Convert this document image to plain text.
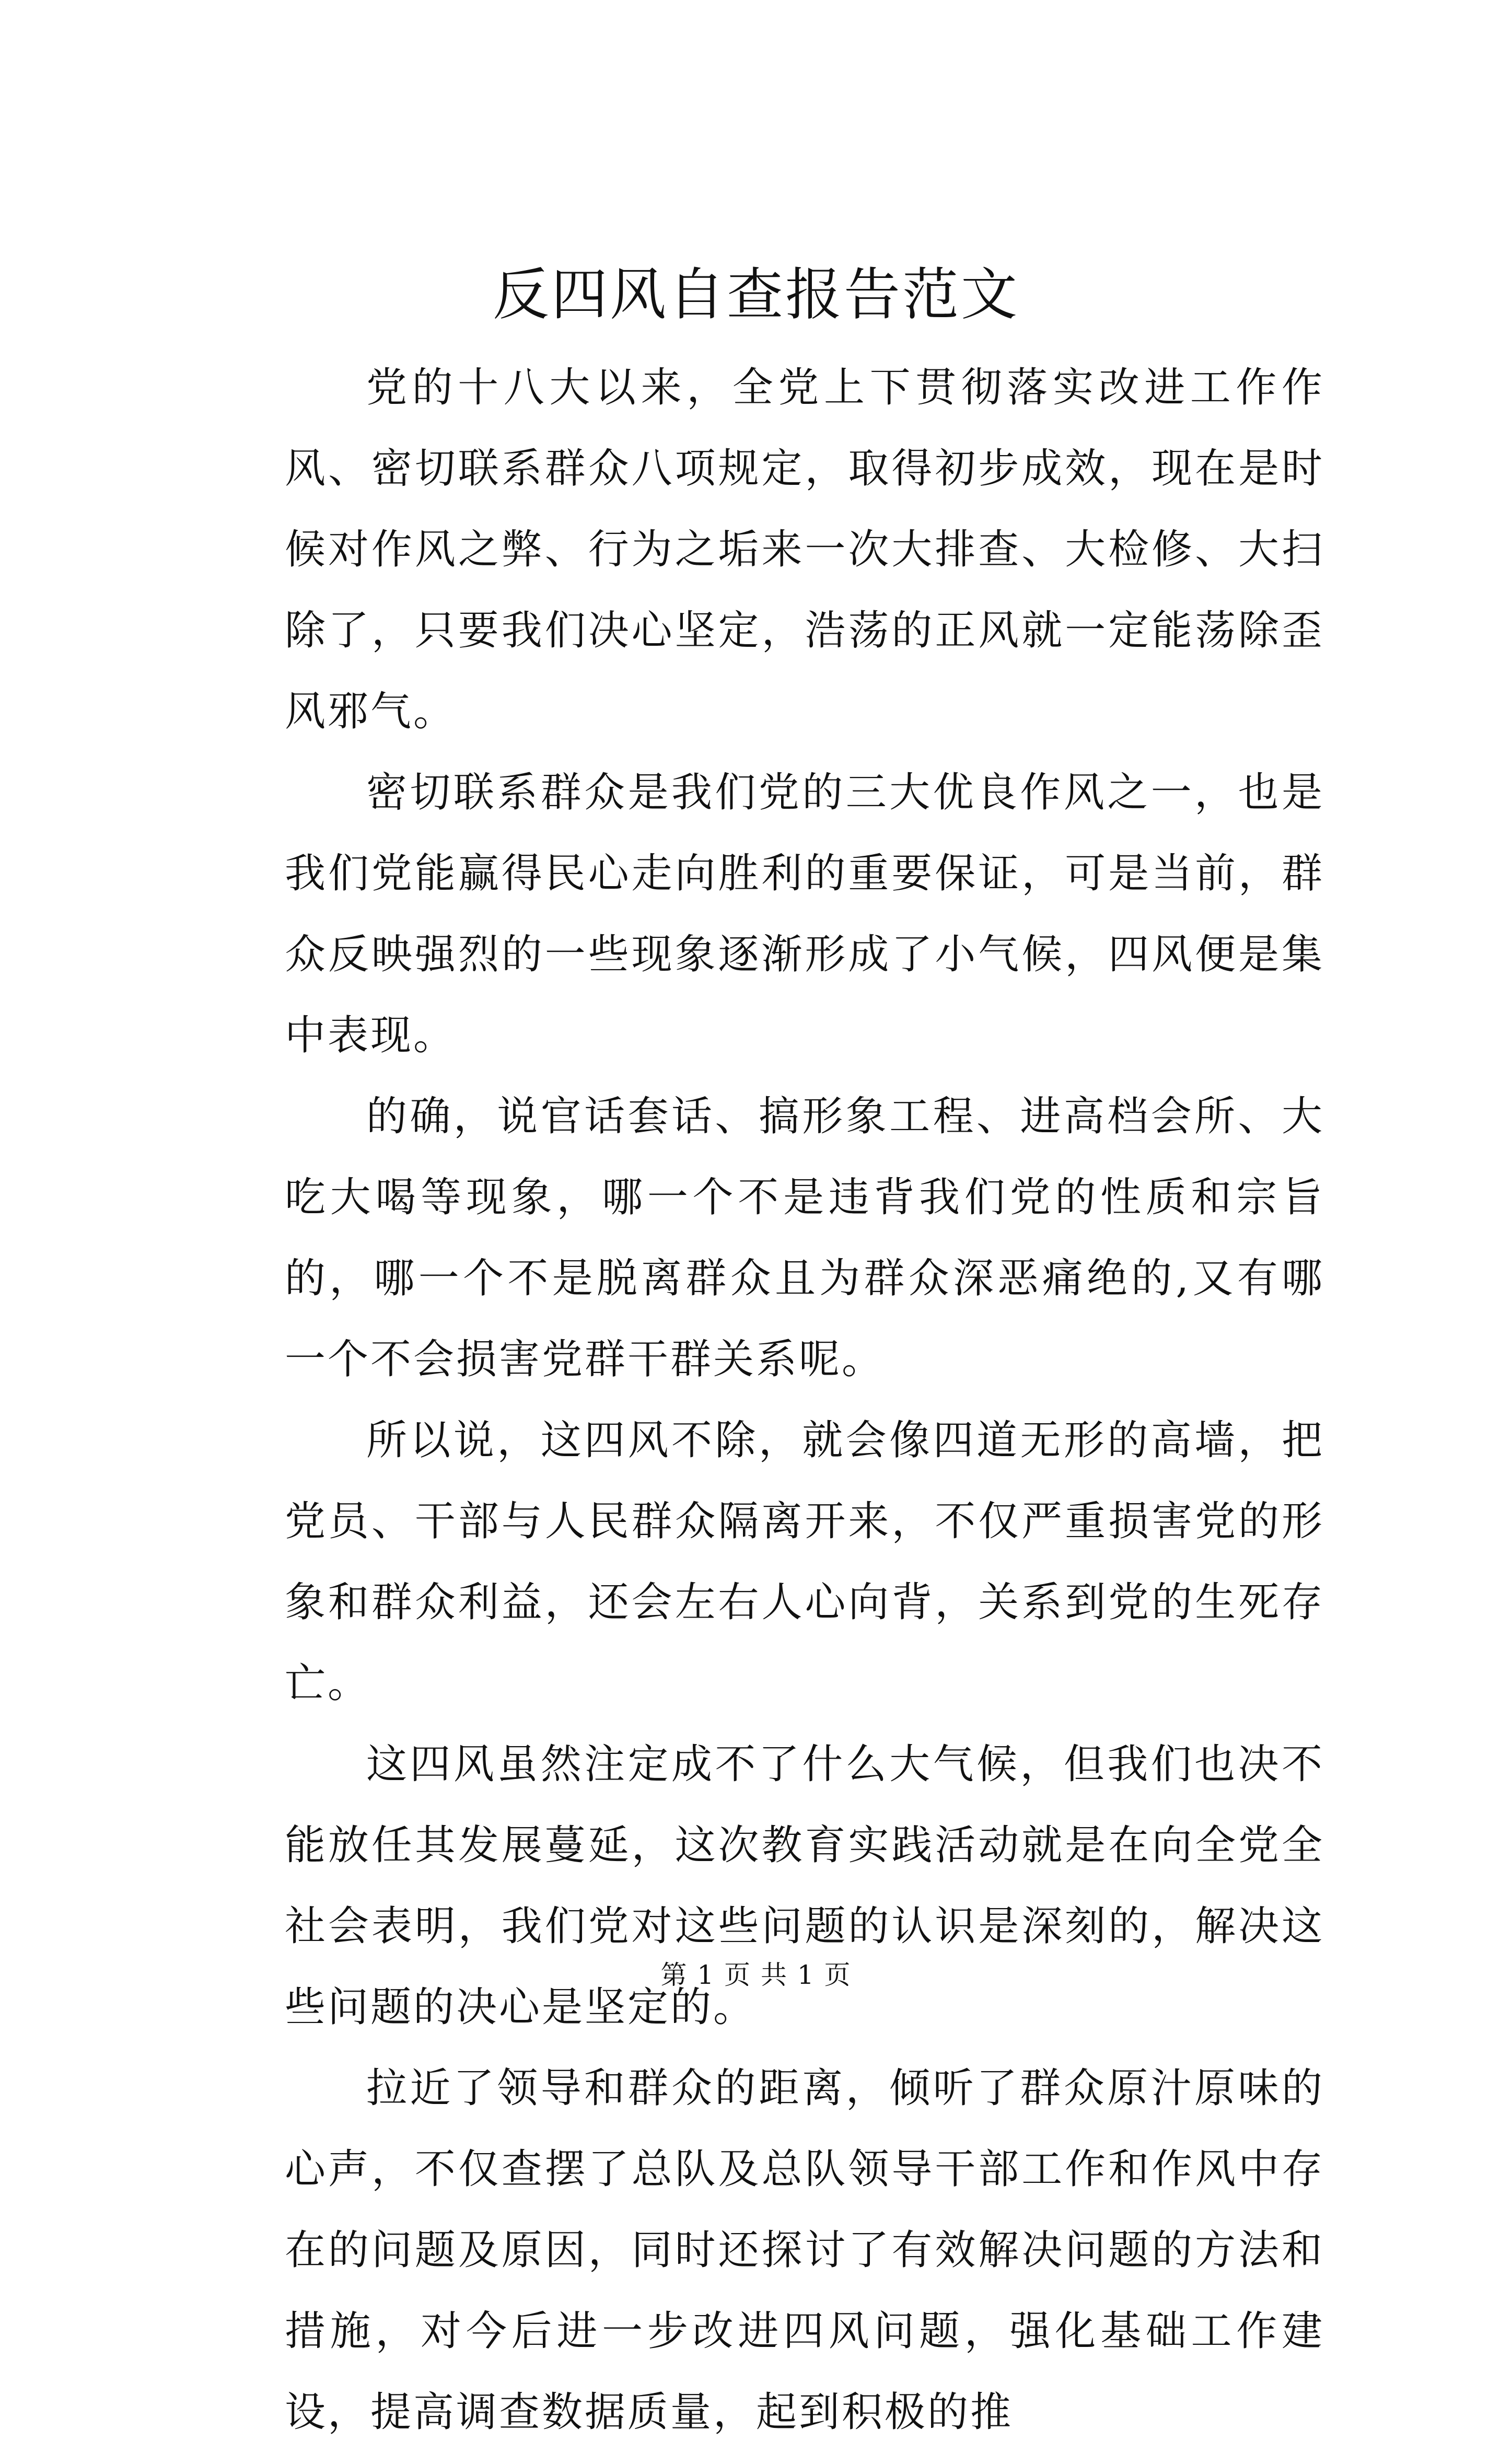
反四风自查报告范文

党的十八大以来，全党上下贯彻落实改进工作作风、密切联系群众八项规定，取得初步成效，现在是时候对作风之弊、行为之垢来一次大排查、大检修、大扫除了，只要我们决心坚定，浩荡的正风就一定能荡除歪风邪气。

密切联系群众是我们党的三大优良作风之一，也是我们党能赢得民心走向胜利的重要保证，可是当前，群众反映强烈的一些现象逐渐形成了小气候，四风便是集中表现。

的确，说官话套话、搞形象工程、进高档会所、大吃大喝等现象，哪一个不是违背我们党的性质和宗旨的，哪一个不是脱离群众且为群众深恶痛绝的,又有哪一个不会损害党群干群关系呢。

所以说，这四风不除，就会像四道无形的高墙，把党员、干部与人民群众隔离开来，不仅严重损害党的形象和群众利益，还会左右人心向背，关系到党的生死存亡。

这四风虽然注定成不了什么大气候，但我们也决不能放任其发展蔓延，这次教育实践活动就是在向全党全社会表明，我们党对这些问题的认识是深刻的，解决这些问题的决心是坚定的。

拉近了领导和群众的距离，倾听了群众原汁原味的心声，不仅查摆了总队及总队领导干部工作和作风中存在的问题及原因，同时还探讨了有效解决问题的方法和措施，对今后进一步改进四风问题，强化基础工作建设，提高调查数据质量，起到积极的推

第 1 页 共 1 页
